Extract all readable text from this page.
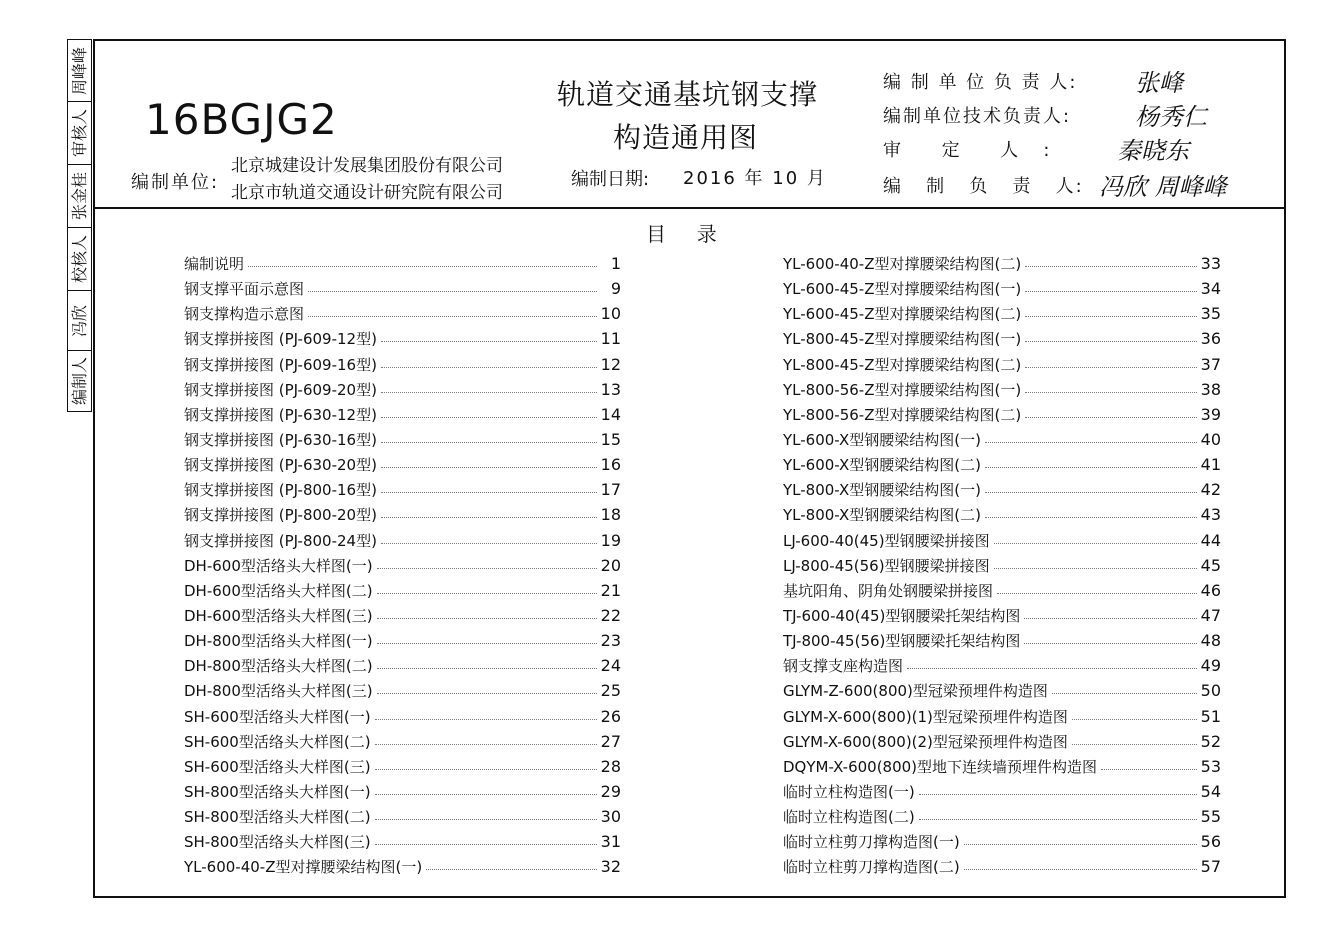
周峰峰
审核人
张金桂
校核人
冯欣
编制人
16BGJG2
编制单位:
北京城建设计发展集团股份有限公司
北京市轨道交通设计研究院有限公司
轨道交通基坑钢支撑
构造通用图
编制日期: 2016 年 10 月
编 制 单 位 负 责 人:
编制单位技术负责人:
审     定     人   :
编   制   负   责   人:
张峰
杨秀仁
秦晓东
冯欣 周峰峰
目  录
编制说明	1
钢支撑平面示意图	9
钢支撑构造示意图	10
钢支撑拼接图 (PJ-609-12型)	11
钢支撑拼接图 (PJ-609-16型)	12
钢支撑拼接图 (PJ-609-20型)	13
钢支撑拼接图 (PJ-630-12型)	14
钢支撑拼接图 (PJ-630-16型)	15
钢支撑拼接图 (PJ-630-20型)	16
钢支撑拼接图 (PJ-800-16型)	17
钢支撑拼接图 (PJ-800-20型)	18
钢支撑拼接图 (PJ-800-24型)	19
DH-600型活络头大样图(一)	20
DH-600型活络头大样图(二)	21
DH-600型活络头大样图(三)	22
DH-800型活络头大样图(一)	23
DH-800型活络头大样图(二)	24
DH-800型活络头大样图(三)	25
SH-600型活络头大样图(一)	26
SH-600型活络头大样图(二)	27
SH-600型活络头大样图(三)	28
SH-800型活络头大样图(一)	29
SH-800型活络头大样图(二)	30
SH-800型活络头大样图(三)	31
YL-600-40-Z型对撑腰梁结构图(一)	32
YL-600-40-Z型对撑腰梁结构图(二)	33
YL-600-45-Z型对撑腰梁结构图(一)	34
YL-600-45-Z型对撑腰梁结构图(二)	35
YL-800-45-Z型对撑腰梁结构图(一)	36
YL-800-45-Z型对撑腰梁结构图(二)	37
YL-800-56-Z型对撑腰梁结构图(一)	38
YL-800-56-Z型对撑腰梁结构图(二)	39
YL-600-X型钢腰梁结构图(一)	40
YL-600-X型钢腰梁结构图(二)	41
YL-800-X型钢腰梁结构图(一)	42
YL-800-X型钢腰梁结构图(二)	43
LJ-600-40(45)型钢腰梁拼接图	44
LJ-800-45(56)型钢腰梁拼接图	45
基坑阳角、阴角处钢腰梁拼接图	46
TJ-600-40(45)型钢腰梁托架结构图	47
TJ-800-45(56)型钢腰梁托架结构图	48
钢支撑支座构造图	49
GLYM-Z-600(800)型冠梁预埋件构造图	50
GLYM-X-600(800)(1)型冠梁预埋件构造图	51
GLYM-X-600(800)(2)型冠梁预埋件构造图	52
DQYM-X-600(800)型地下连续墙预埋件构造图	53
临时立柱构造图(一)	54
临时立柱构造图(二)	55
临时立柱剪刀撑构造图(一)	56
临时立柱剪刀撑构造图(二)	57
